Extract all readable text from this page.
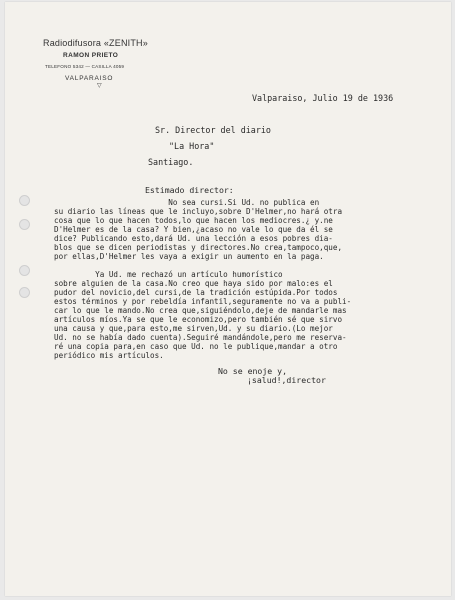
Radiodifusora «ZENITH»
RAMON PRIETO
TELEFONO 5342 — CASILLA 4059
VALPARAISO
▽
Valparaiso, Julio 19 de 1936
Sr. Director del diario
"La Hora"
Santiago.
Estimado director:
No sea cursi.Si Ud. no publica en
su diario las líneas que le incluyo,sobre D'Helmer,no hará otra
cosa que lo que hacen todos,lo que hacen los mediocres.¿ y.ne
D'Helmer es de la casa? Y bien,¿acaso no vale lo que da él se
dice? Publicando esto,dará Ud. una lección a esos pobres dia-
blos que se dicen periodistas y directores.No crea,tampoco,que,
por ellas,D'Helmer les vaya a exigir un aumento en la paga.
Ya Ud. me rechazó un artículo humorístico
sobre alguien de la casa.No creo que haya sido por malo:es el
pudor del novicio,del cursi,de la tradición estúpida.Por todos
estos términos y por rebeldía infantil,seguramente no va a publi-
car lo que le mando.No crea que,siguiéndolo,deje de mandarle mas
artículos míos.Ya se que le economizo,pero también sé que sirvo
una causa y que,para esto,me sirven,Ud. y su diario.(Lo mejor
Ud. no se había dado cuenta).Seguiré mandándole,pero me reserva-
ré una copia para,en caso que Ud. no le publique,mandar a otro
periódico mis artículos.
No se enoje y,
¡salud!,director
